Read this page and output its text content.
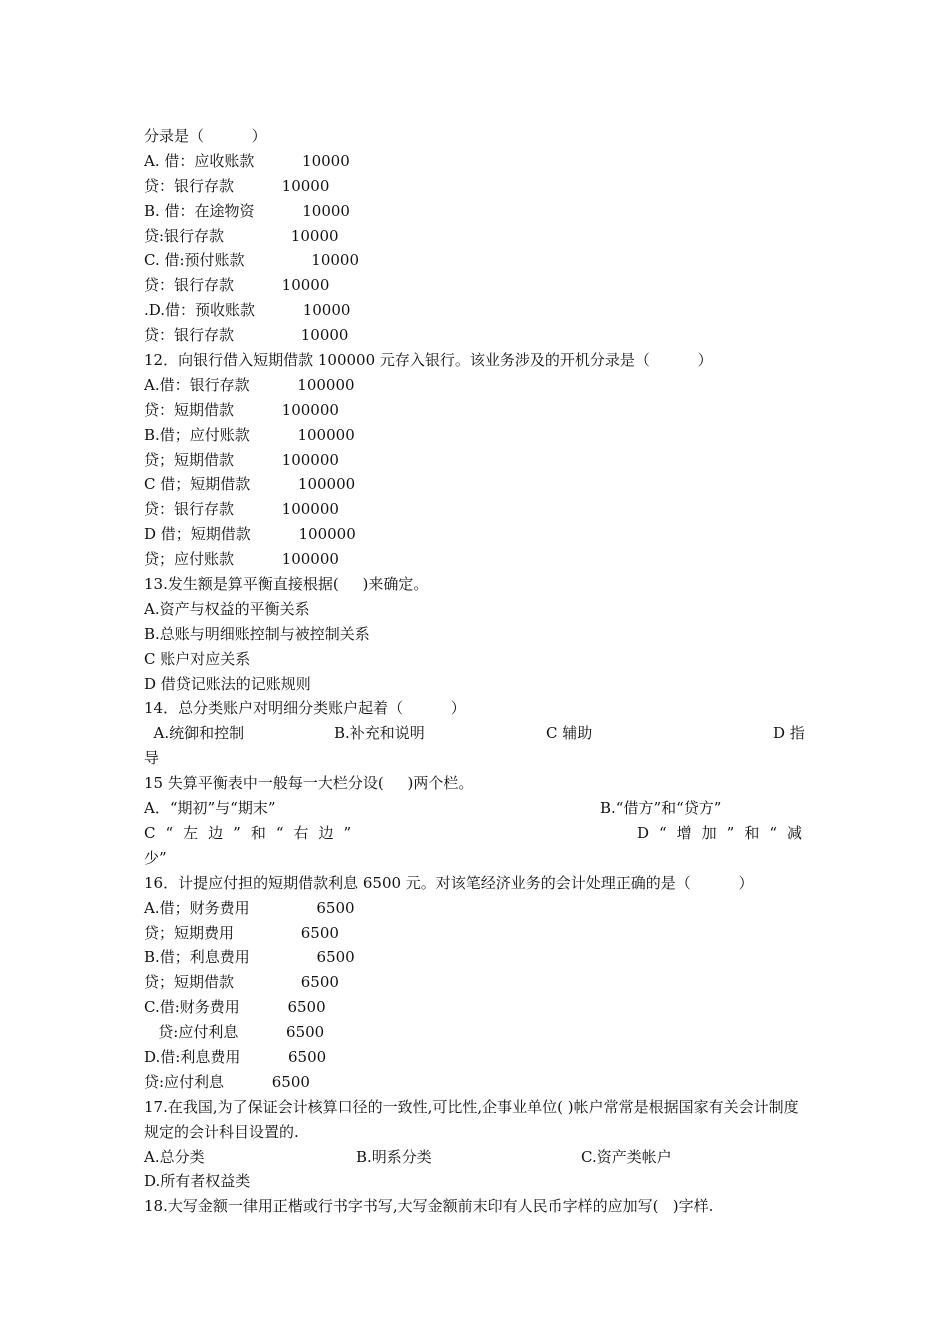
分录是（          ）
A. 借：应收账款          10000
贷：银行存款          10000
B. 借：在途物资          10000
贷:银行存款              10000
C. 借:预付账款              10000
贷：银行存款          10000
.D.借：预收账款          10000
贷：银行存款              10000
12．向银行借入短期借款 100000 元存入银行。该业务涉及的开机分录是（          ）
A.借：银行存款          100000
贷：短期借款          100000
B.借；应付账款          100000
贷；短期借款          100000
C 借；短期借款          100000
贷：银行存款          100000
D 借；短期借款          100000
贷；应付账款          100000
13.发生额是算平衡直接根据(     )来确定。
A.资产与权益的平衡关系
B.总账与明细账控制与被控制关系
C 账户对应关系
D 借贷记账法的记账规则
14．总分类账户对明细分类账户起着（          ）
A.统御和控制	B.补充和说明	C 辅助	D 指
导
15 失算平衡表中一般每一大栏分设(     )两个栏。
A．“期初”与“期末”	B.“借方”和“贷方”
C“左边”和“右边”	D“增加”和“减
少”
16．计提应付担的短期借款利息 6500 元。对该笔经济业务的会计处理正确的是（          ）
A.借；财务费用              6500
贷；短期费用              6500
B.借；利息费用              6500
贷；短期借款              6500
C.借:财务费用          6500
贷:应付利息          6500
D.借:利息费用          6500
贷:应付利息          6500
17.在我国,为了保证会计核算口径的一致性,可比性,企事业单位( )帐户常常是根据国家有关会计制度规定的会计科目设置的.
A.总分类	B.明系分类	C.资产类帐户
D.所有者权益类
18.大写金额一律用正楷或行书字书写,大写金额前末印有人民币字样的应加写(   )字样.
